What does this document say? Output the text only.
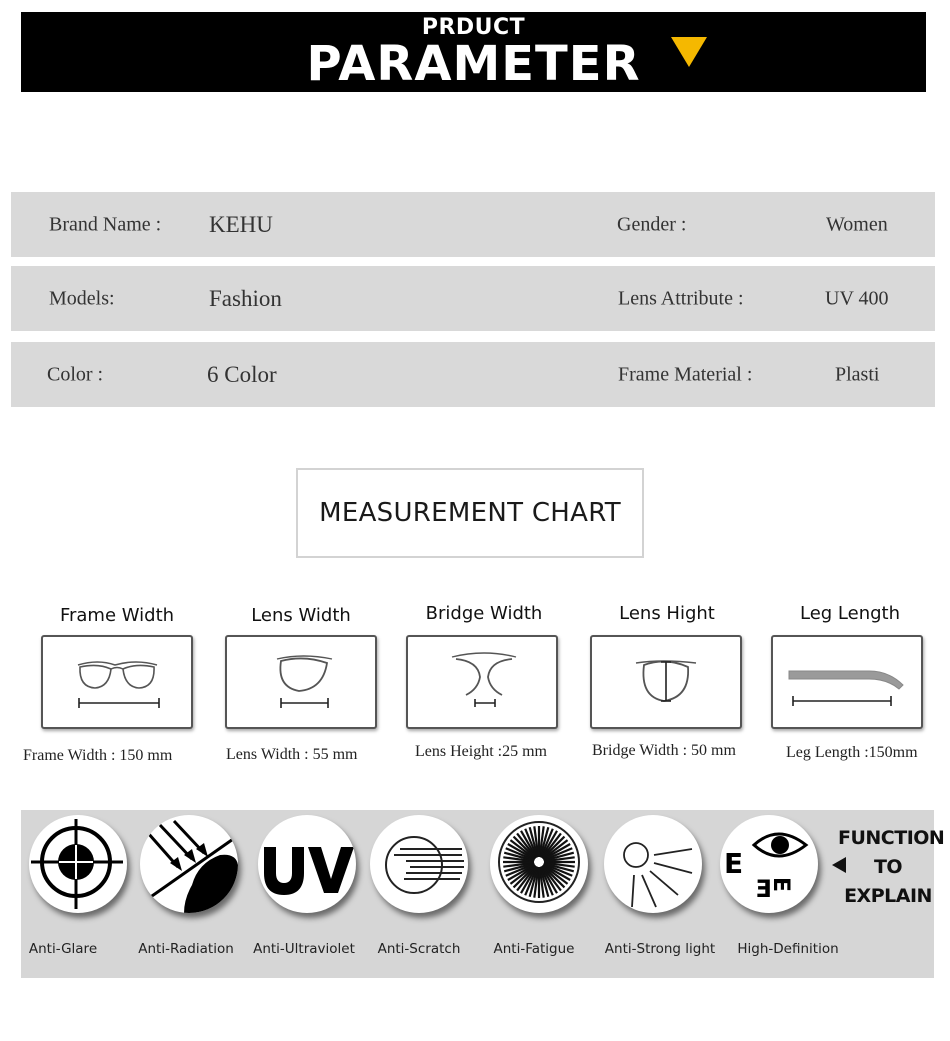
PRDUCT
PARAMETER
Brand Name : KEHU	Gender :	Women
Models:	Fashion	Lens Attribute :	UV 400
Color :	6 Color	Frame Material :	Plasti
MEASUREMENT CHART
Frame Width
Frame Width : 150 mm
Lens Width
Lens Width : 55 mm
Bridge Width
Lens Height :25 mm
Lens Hight
Bridge Width : 50 mm
Leg Length
Leg Length :150mm
Anti-Glare	Anti-Radiation Anti-Ultraviolet Anti-Scratch Anti-Fatigue Anti-Strong light
E
E
E
High-Definition
FUNCTION
TO
EXPLAIN
